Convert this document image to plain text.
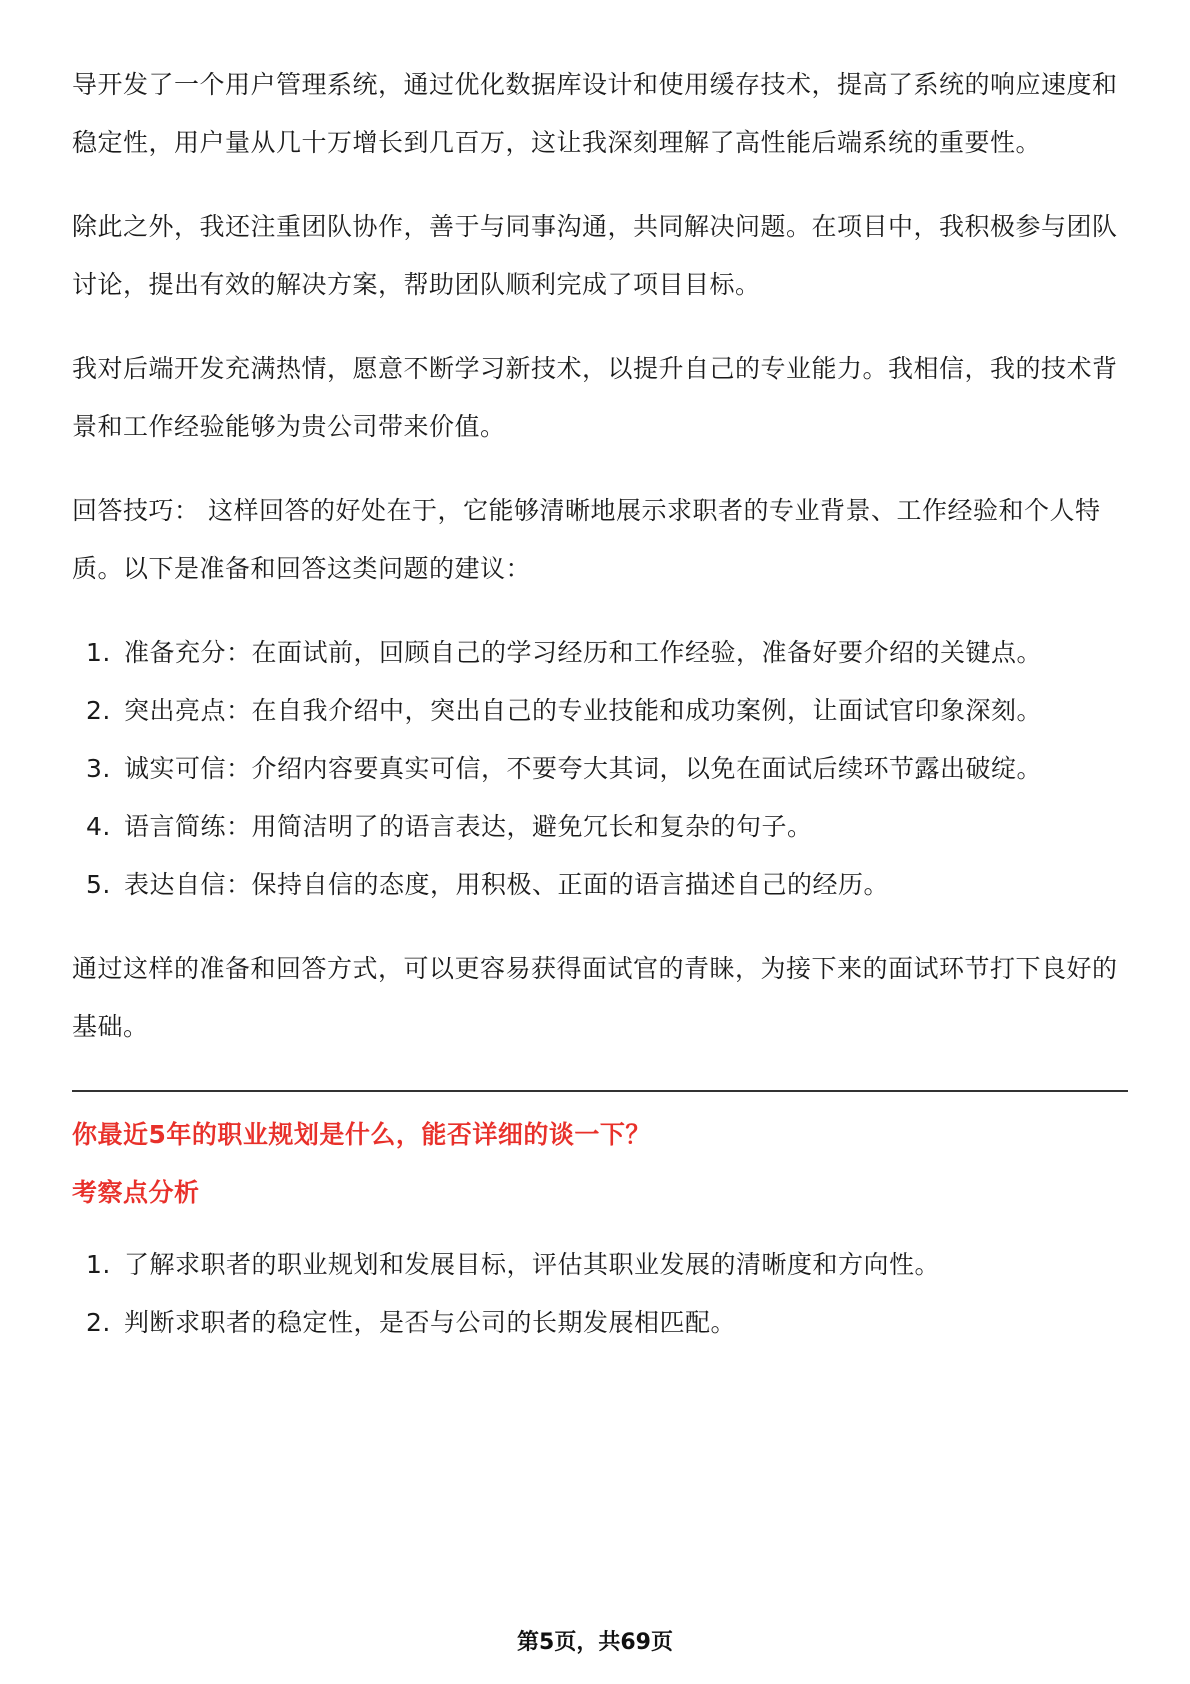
导开发了一个用户管理系统，通过优化数据库设计和使用缓存技术，提高了系统的响应速度和稳定性，用户量从几十万增长到几百万，这让我深刻理解了高性能后端系统的重要性。

除此之外，我还注重团队协作，善于与同事沟通，共同解决问题。在项目中，我积极参与团队讨论，提出有效的解决方案，帮助团队顺利完成了项目目标。

我对后端开发充满热情，愿意不断学习新技术，以提升自己的专业能力。我相信，我的技术背景和工作经验能够为贵公司带来价值。

回答技巧： 这样回答的好处在于，它能够清晰地展示求职者的专业背景、工作经验和个人特质。以下是准备和回答这类问题的建议：

1. 准备充分：在面试前，回顾自己的学习经历和工作经验，准备好要介绍的关键点。
2. 突出亮点：在自我介绍中，突出自己的专业技能和成功案例，让面试官印象深刻。
3. 诚实可信：介绍内容要真实可信，不要夸大其词，以免在面试后续环节露出破绽。
4. 语言简练：用简洁明了的语言表达，避免冗长和复杂的句子。
5. 表达自信：保持自信的态度，用积极、正面的语言描述自己的经历。

通过这样的准备和回答方式，可以更容易获得面试官的青睐，为接下来的面试环节打下良好的基础。

你最近5年的职业规划是什么，能否详细的谈一下？
考察点分析
1. 了解求职者的职业规划和发展目标，评估其职业发展的清晰度和方向性。
2. 判断求职者的稳定性，是否与公司的长期发展相匹配。
第5页，共69页
